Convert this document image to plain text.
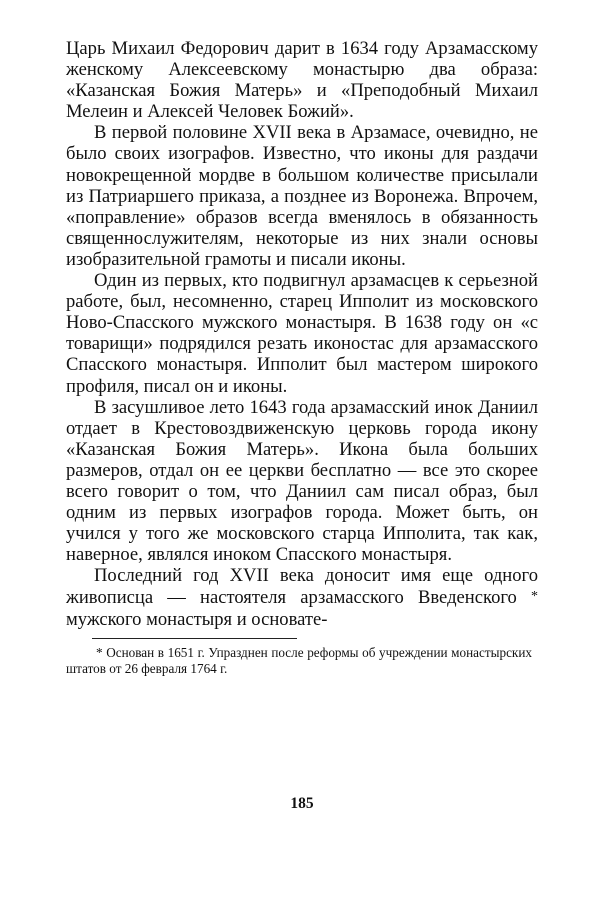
Царь Михаил Федорович дарит в 1634 году Арзамасскому женскому Алексеевскому монастырю два образа: «Казанская Божия Матерь» и «Преподобный Михаил Мелеин и Алексей Человек Божий».

В первой половине XVII века в Арзамасе, очевидно, не было своих изографов. Известно, что иконы для раздачи новокрещенной мордве в большом количестве присылали из Патриаршего приказа, а позднее из Воронежа. Впрочем, «поправление» образов всегда вменялось в обязанность священнослужителям, некоторые из них знали основы изобразительной грамоты и писали иконы.

Один из первых, кто подвигнул арзамасцев к серьезной работе, был, несомненно, старец Ипполит из московского Ново-Спасского мужского монастыря. В 1638 году он «с товарищи» подрядился резать иконостас для арзамасского Спасского монастыря. Ипполит был мастером широкого профиля, писал он и иконы.

В засушливое лето 1643 года арзамасский инок Даниил отдает в Крестовоздвиженскую церковь города икону «Казанская Божия Матерь». Икона была больших размеров, отдал он ее церкви бесплатно — все это скорее всего говорит о том, что Даниил сам писал образ, был одним из первых изографов города. Может быть, он учился у того же московского старца Ипполита, так как, наверное, являлся иноком Спасского монастыря.

Последний год XVII века доносит имя еще одного живописца — настоятеля арзамасского Введенского * мужского монастыря и основате-

* Основан в 1651 г. Упразднен после реформы об учреждении монастырских штатов от 26 февраля 1764 г.

185
